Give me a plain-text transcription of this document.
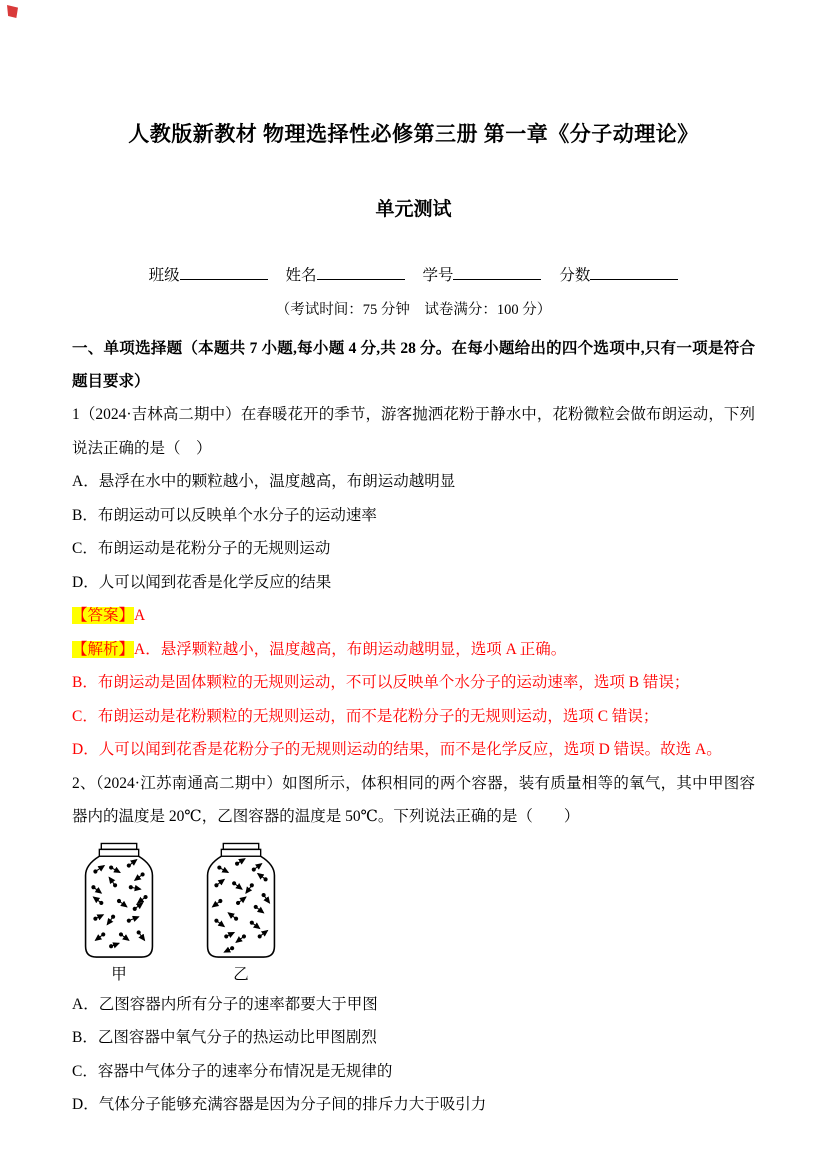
人教版新教材 物理选择性必修第三册 第一章《分子动理论》
单元测试
班级	姓名	学号	分数

（考试时间：75 分钟　试卷满分：100 分）

一、单项选择题（本题共 7 小题,每小题 4 分,共 28 分。在每小题给出的四个选项中,只有一项是符合题目要求）

1（2024·吉林高二期中）在春暖花开的季节，游客抛洒花粉于静水中，花粉微粒会做布朗运动，下列说法正确的是（　）

A．悬浮在水中的颗粒越小，温度越高，布朗运动越明显

B．布朗运动可以反映单个水分子的运动速率

C．布朗运动是花粉分子的无规则运动

D．人可以闻到花香是化学反应的结果

【答案】A

【解析】A．悬浮颗粒越小，温度越高，布朗运动越明显，选项 A 正确。

B．布朗运动是固体颗粒的无规则运动，不可以反映单个水分子的运动速率，选项 B 错误；

C．布朗运动是花粉颗粒的无规则运动，而不是花粉分子的无规则运动，选项 C 错误；

D．人可以闻到花香是花粉分子的无规则运动的结果，而不是化学反应，选项 D 错误。故选 A。

2、（2024·江苏南通高二期中）如图所示，体积相同的两个容器，装有质量相等的氧气，其中甲图容器内的温度是 20℃，乙图容器的温度是 50℃。下列说法正确的是（　　）

甲	乙

A．乙图容器内所有分子的速率都要大于甲图

B．乙图容器中氧气分子的热运动比甲图剧烈

C．容器中气体分子的速率分布情况是无规律的

D．气体分子能够充满容器是因为分子间的排斥力大于吸引力
